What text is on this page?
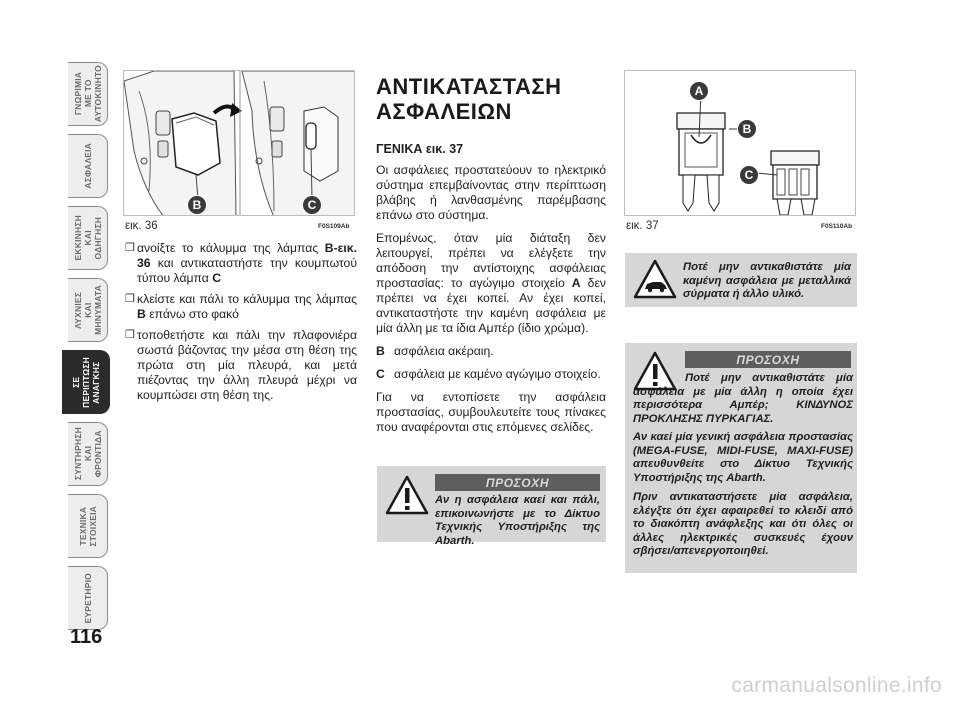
ΓΝΩΡΙΜΙΑ
ΜΕ ΤΟ
ΑΥΤΟΚΙΝΗΤΟ
ΑΣΦΑΛΕΙΑ
ΕΚΚΙΝΗΣΗ
ΚΑΙ
ΟΔΗΓΗΣΗ
ΛΥΧΝΙΕΣ
ΚΑΙ
ΜΗΝΥΜΑΤΑ
ΣΕ
ΠΕΡΙΠΤΩΣΗ
ΑΝΑΓΚΗΣ
ΣΥΝΤΗΡΗΣΗ
ΚΑΙ
ΦΡΟΝΤΙΔΑ
ΤΕΧΝΙΚΑ
ΣΤΟΙΧΕΙΑ
ΕΥΡΕΤΗΡΙΟ
116
B	C
εικ. 36	F0S109Ab
❒ ανοίξτε το κάλυμμα της λάμπας B-εικ. 36 και αντικαταστήστε την κουμπωτού τύπου λάμπα C
❒ κλείστε και πάλι το κάλυμμα της λάμπας B επάνω στο φακό
❒ τοποθετήστε και πάλι την πλαφονιέρα σωστά βάζοντας την μέσα στη θέση της πρώτα στη μία πλευρά, και μετά πιέζοντας την άλλη πλευρά μέχρι να κουμπώσει στη θέση της.
ΑΝΤΙΚΑΤΑΣΤΑΣΗ
ΑΣΦΑΛΕΙΩΝ
ΓΕΝΙΚΑ εικ. 37

Οι ασφάλειες προστατεύουν το ηλεκτρικό σύστημα επεμβαίνοντας στην περίπτωση βλάβης ή λανθασμένης παρέμβασης επάνω στο σύστημα.

Επομένως, όταν μία διάταξη δεν λειτουργεί, πρέπει να ελέγξετε την απόδοση την αντίστοιχης ασφάλειας προστασίας: το αγώγιμο στοιχείο A δεν πρέπει να έχει κοπεί. Αν έχει κοπεί, αντικαταστήστε την καμένη ασφάλεια με μία άλλη με τα ίδια Αμπέρ (ίδιο χρώμα).

B ασφάλεια ακέραιη.
C ασφάλεια με καμένο αγώγιμο στοιχείο.

Για να εντοπίσετε την ασφάλεια προστασίας, συμβουλευτείτε τους πίνακες που αναφέρονται στις επόμενες σελίδες.

ΠΡΟΣΟΧΗ
Αν η ασφάλεια καεί και πάλι, επικοινωνήστε με το Δίκτυο Τεχνικής Υποστήριξης της Abarth.
A
B
C
εικ. 37	F0S110Ab
Ποτέ μην αντικαθιστάτε μία καμένη ασφάλεια με μεταλλικά σύρματα ή άλλο υλικό.
ΠΡΟΣΟΧΗ
Ποτέ μην αντικαθιστάτε μία ασφάλεια με μία άλλη η οποία έχει περισσότερα Αμπέρ; ΚΙΝΔΥΝΟΣ ΠΡΟΚΛΗΣΗΣ ΠΥΡΚΑΓΙΑΣ.
Αν καεί μία γενική ασφάλεια προστασίας (MEGA-FUSE, MIDI-FUSE, MAXI-FUSE) απευθυνθείτε στο Δίκτυο Τεχνικής Υποστήριξης της Abarth.
Πριν αντικαταστήσετε μία ασφάλεια, ελέγξτε ότι έχει αφαιρεθεί το κλειδί από το διακόπτη ανάφλεξης και ότι όλες οι άλλες ηλεκτρικές συσκευές έχουν σβήσει/απενεργοποιηθεί.
carmanualsonline.info
